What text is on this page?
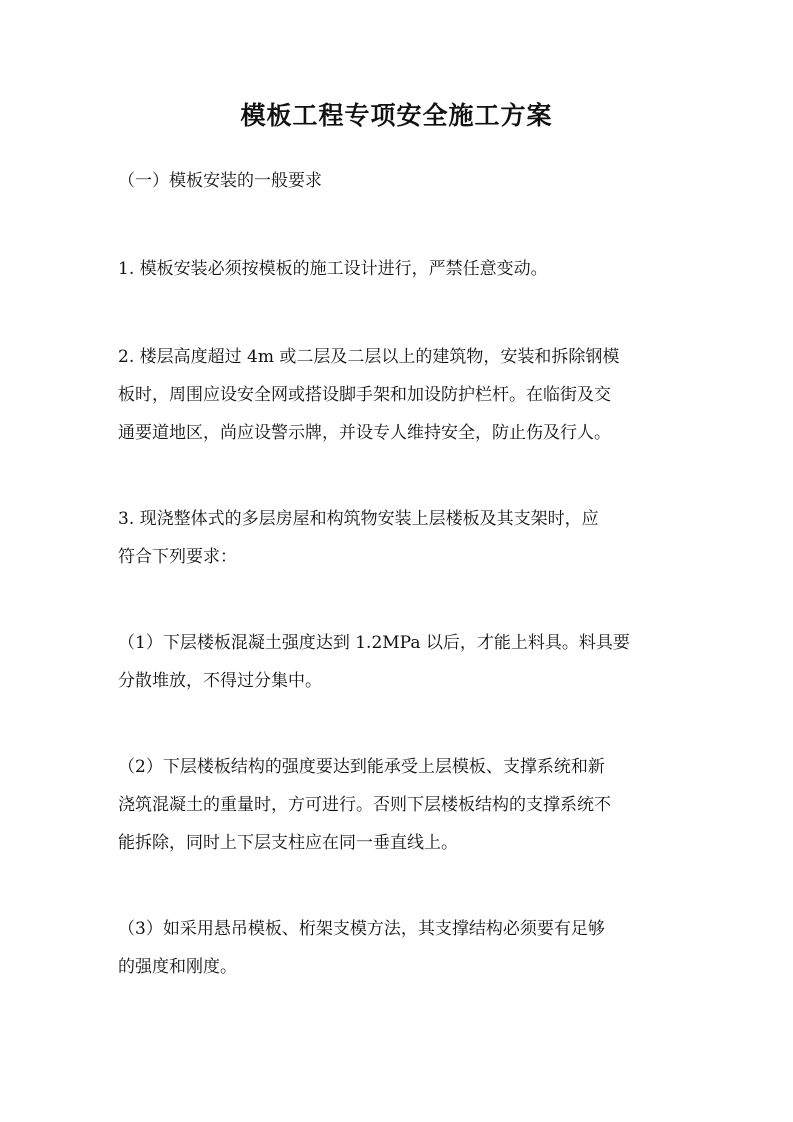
模板工程专项安全施工方案
（一）模板安装的一般要求
1. 模板安装必须按模板的施工设计进行，严禁任意变动。
2. 楼层高度超过 4m 或二层及二层以上的建筑物，安装和拆除钢模
板时，周围应设安全网或搭设脚手架和加设防护栏杆。在临街及交
通要道地区，尚应设警示牌，并设专人维持安全，防止伤及行人。
3. 现浇整体式的多层房屋和构筑物安装上层楼板及其支架时，应
符合下列要求：
（1）下层楼板混凝土强度达到 1.2MPa 以后，才能上料具。料具要
分散堆放，不得过分集中。
（2）下层楼板结构的强度要达到能承受上层模板、支撑系统和新
浇筑混凝土的重量时，方可进行。否则下层楼板结构的支撑系统不
能拆除，同时上下层支柱应在同一垂直线上。
（3）如采用悬吊模板、桁架支模方法，其支撑结构必须要有足够
的强度和刚度。
